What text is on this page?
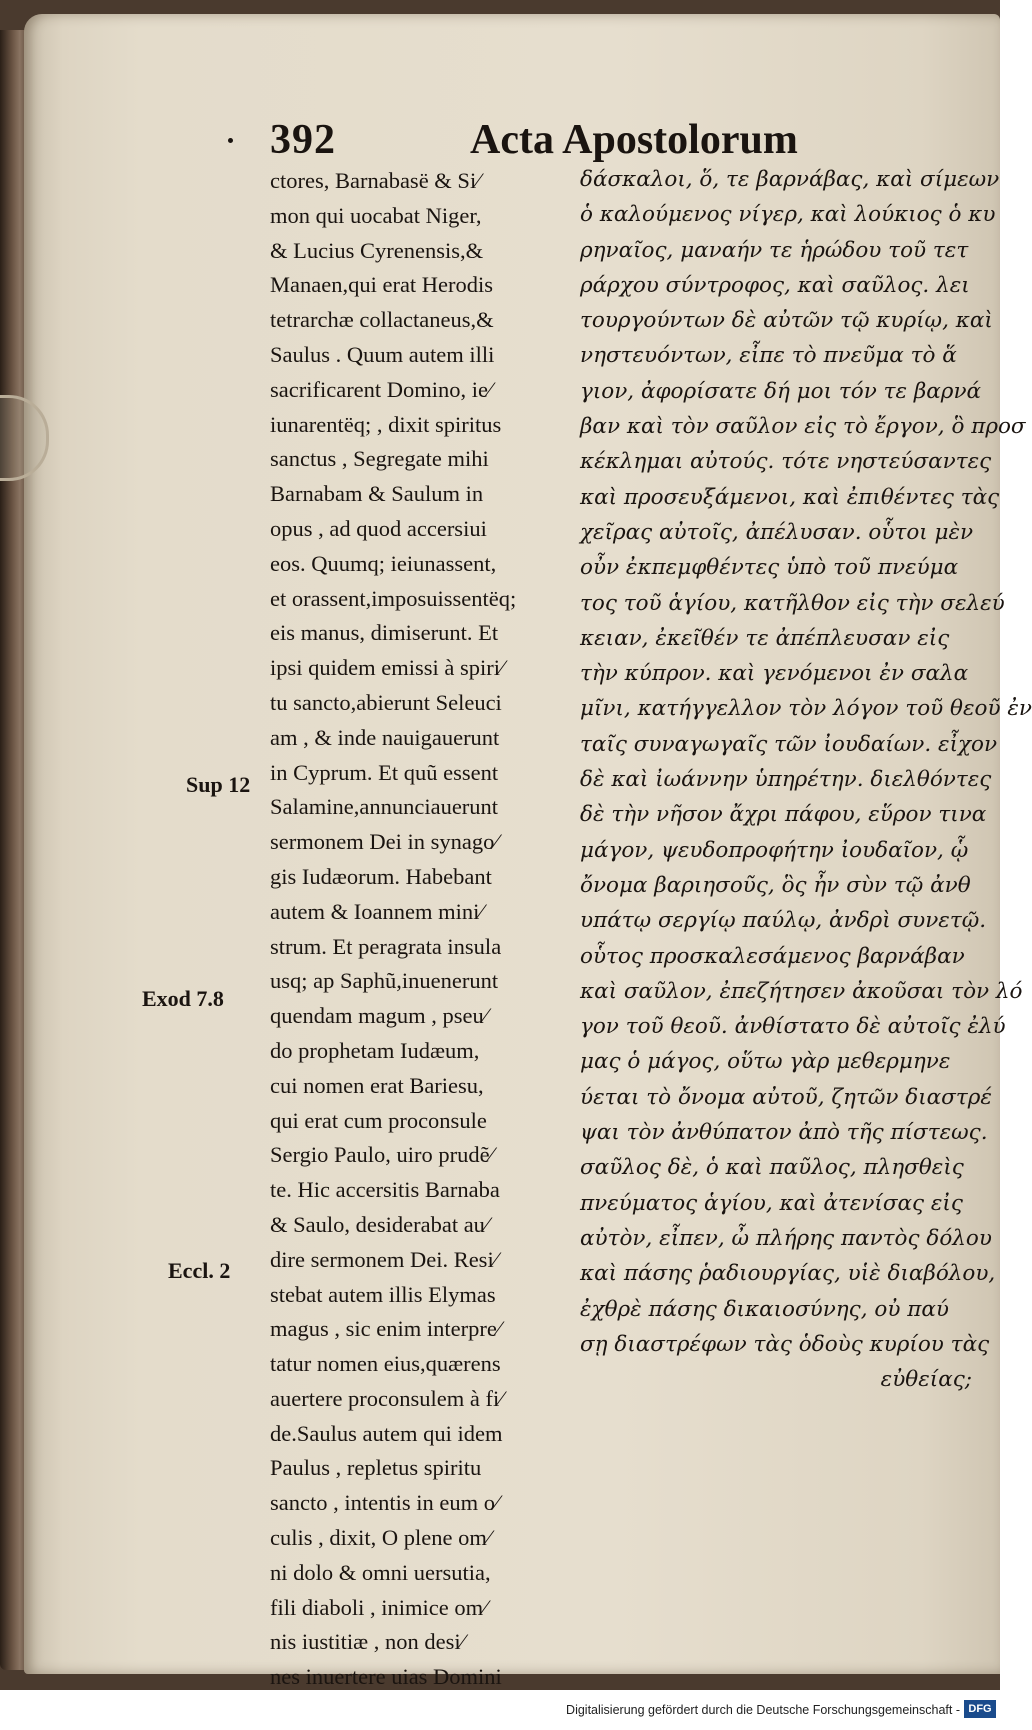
392	Acta Apostolorum
ctores, Barnabasë & Si⁄
mon qui uocabat Niger,
& Lucius Cyrenensis,&
Manaen,qui erat Herodis
tetrarchæ collactaneus,&
Saulus . Quum autem illi
sacrificarent Domino, ie⁄
iunarentëq; , dixit spiritus
sanctus , Segregate mihi
Barnabam & Saulum in
opus , ad quod accersiui
eos. Quumq; ieiunassent,
et orassent,imposuissentëq;
eis manus, dimiserunt. Et
ipsi quidem emissi à spiri⁄
tu sancto,abierunt Seleuci
am , & inde nauigauerunt
in Cyprum. Et quũ essent
Salamine,annunciauerunt
sermonem Dei in synago⁄
gis Iudæorum. Habebant
autem & Ioannem mini⁄
strum. Et peragrata insula
usq; ap Saphũ,inuenerunt
quendam magum , pseu⁄
do prophetam Iudæum,
cui nomen erat Bariesu,
qui erat cum proconsule
Sergio Paulo, uiro prudẽ⁄
te. Hic accersitis Barnaba
& Saulo, desiderabat au⁄
dire sermonem Dei. Resi⁄
stebat autem illis Elymas
magus , sic enim interpre⁄
tatur nomen eius,quærens
auertere proconsulem à fi⁄
de.Saulus autem qui idem
Paulus , repletus spiritu
sancto , intentis in eum o⁄
culis , dixit, O plene om⁄
ni dolo & omni uersutia,
fili diaboli , inimice om⁄
nis iustitiæ , non desi⁄
nes inuertere uias Domini
δάσκαλοι, ὅ, τε βαρνάβας, καὶ σίμεων
ὁ καλούμενος νίγερ, καὶ λούκιος ὁ κυ
ρηναῖος, μαναήν τε ἡρώδου τοῦ τετ
ράρχου σύντροφος, καὶ σαῦλος. λει
τουργούντων δὲ αὐτῶν τῷ κυρίῳ, καὶ
νηστευόντων, εἶπε τὸ πνεῦμα τὸ ἅ
γιον, ἀφορίσατε δή μοι τόν τε βαρνά
βαν καὶ τὸν σαῦλον εἰς τὸ ἔργον, ὃ προσ
κέκλημαι αὐτούς. τότε νηστεύσαντες
καὶ προσευξάμενοι, καὶ ἐπιθέντες τὰς
χεῖρας αὐτοῖς, ἀπέλυσαν. οὗτοι μὲν
οὖν ἐκπεμφθέντες ὑπὸ τοῦ πνεύμα
τος τοῦ ἁγίου, κατῆλθον εἰς τὴν σελεύ
κειαν, ἐκεῖθέν τε ἀπέπλευσαν εἰς
τὴν κύπρον. καὶ γενόμενοι ἐν σαλα
μῖνι, κατήγγελλον τὸν λόγον τοῦ θεοῦ ἐν
ταῖς συναγωγαῖς τῶν ἰουδαίων. εἶχον
δὲ καὶ ἰωάννην ὑπηρέτην. διελθόντες
δὲ τὴν νῆσον ἄχρι πάφου, εὕρον τινα
μάγον, ψευδοπροφήτην ἰουδαῖον, ᾧ
ὄνομα βαριησοῦς, ὃς ἦν σὺν τῷ ἀνθ
υπάτῳ σεργίῳ παύλῳ, ἀνδρὶ συνετῷ.
οὗτος προσκαλεσάμενος βαρνάβαν
καὶ σαῦλον, ἐπεζήτησεν ἀκοῦσαι τὸν λό
γον τοῦ θεοῦ. ἀνθίστατο δὲ αὐτοῖς ἐλύ
μας ὁ μάγος, οὕτω γὰρ μεθερμηνε
ύεται τὸ ὄνομα αὐτοῦ, ζητῶν διαστρέ
ψαι τὸν ἀνθύπατον ἀπὸ τῆς πίστεως.
σαῦλος δὲ, ὁ καὶ παῦλος, πλησθεὶς
πνεύματος ἁγίου, καὶ ἀτενίσας εἰς
αὐτὸν, εἶπεν, ὦ πλήρης παντὸς δόλου
καὶ πάσης ῥαδιουργίας, υἱὲ διαβόλου,
ἐχθρὲ πάσης δικαιοσύνης, οὐ παύ
σῃ διαστρέφων τὰς ὁδοὺς κυρίου τὰς
εὐθείας;
Sup 12
Exod 7.8
Eccl. 2
Digitalisierung gefördert durch die Deutsche Forschungsgemeinschaft - DFG
